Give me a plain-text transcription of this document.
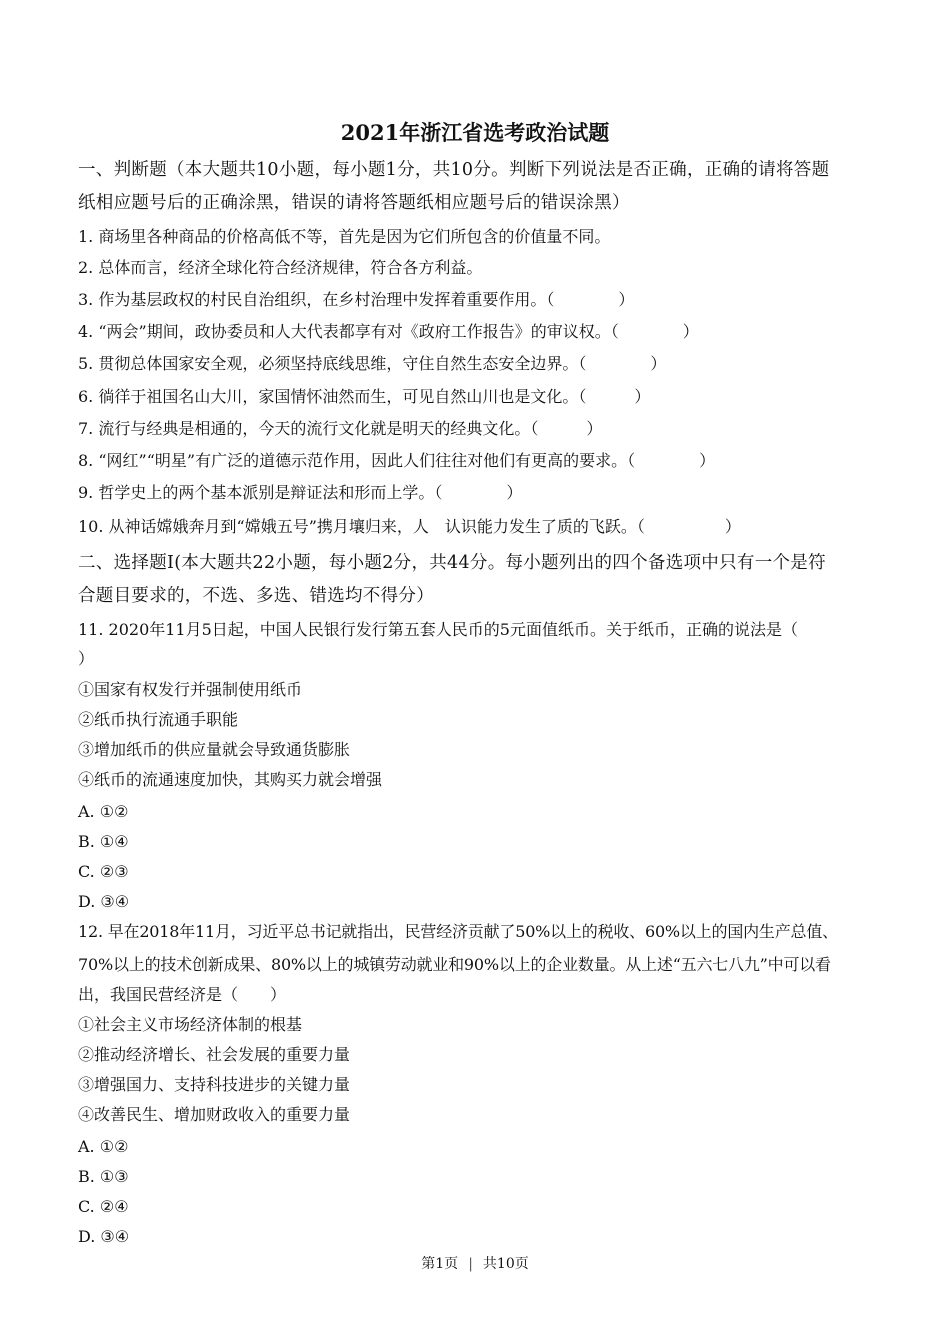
2021年浙江省选考政治试题
一、判断题（本大题共10小题，每小题1分，共10分。判断下列说法是否正确，正确的请将答题
纸相应题号后的正确涂黑，错误的请将答题纸相应题号后的错误涂黑）
1. 商场里各种商品的价格高低不等，首先是因为它们所包含的价值量不同。
2. 总体而言，经济全球化符合经济规律，符合各方利益。
3. 作为基层政权的村民自治组织，在乡村治理中发挥着重要作用。（　　　　）
4. “两会”期间，政协委员和人大代表都享有对《政府工作报告》的审议权。（　　　　）
5. 贯彻总体国家安全观，必须坚持底线思维，守住自然生态安全边界。（　　　　）
6. 徜徉于祖国名山大川，家国情怀油然而生，可见自然山川也是文化。（　　　）
7. 流行与经典是相通的，今天的流行文化就是明天的经典文化。（　　　）
8. “网红”“明星”有广泛的道德示范作用，因此人们往往对他们有更高的要求。（　　　　）
9. 哲学史上的两个基本派别是辩证法和形而上学。（　　　　）
10. 从神话嫦娥奔月到“嫦娥五号”携月壤归来，人　认识能力发生了质的飞跃。（　　　　　）
二、选择题I(本大题共22小题，每小题2分，共44分。每小题列出的四个备选项中只有一个是符
合题目要求的，不选、多选、错选均不得分）
11. 2020年11月5日起，中国人民银行发行第五套人民币的5元面值纸币。关于纸币，正确的说法是（
）
①国家有权发行并强制使用纸币
②纸币执行流通手职能
③增加纸币的供应量就会导致通货膨胀
④纸币的流通速度加快，其购买力就会增强
A. ①②
B. ①④
C. ②③
D. ③④
12. 早在2018年11月，习近平总书记就指出，民营经济贡献了50%以上的税收、60%以上的国内生产总值、
70%以上的技术创新成果、80%以上的城镇劳动就业和90%以上的企业数量。从上述“五六七八九”中可以看
出，我国民营经济是（　　）
①社会主义市场经济体制的根基
②推动经济增长、社会发展的重要力量
③增强国力、支持科技进步的关键力量
④改善民生、增加财政收入的重要力量
A. ①②
B. ①③
C. ②④
D. ③④
第1页 | 共10页
